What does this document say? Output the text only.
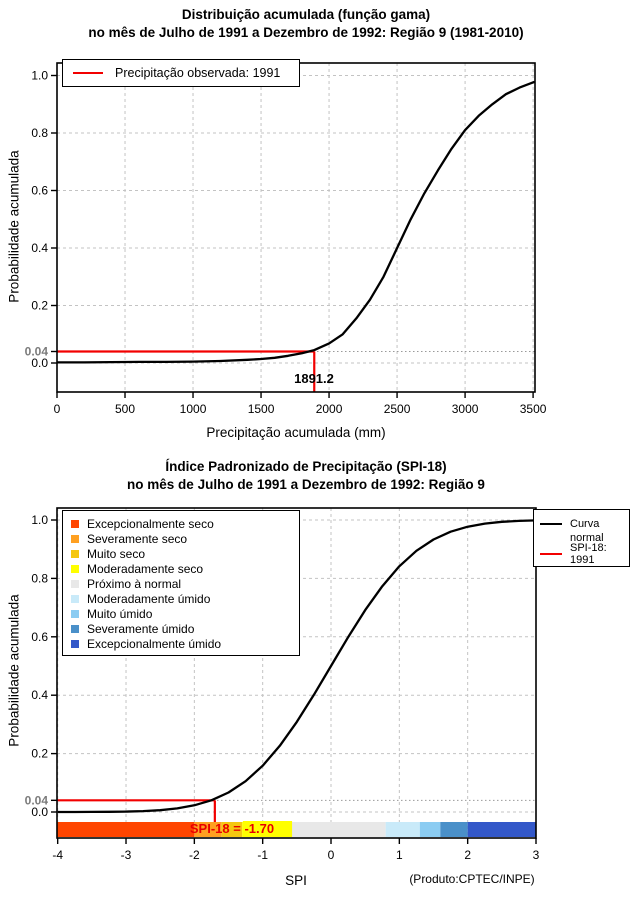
0	500	1000	1500	2000	2500	3000	3500
1.0
0.8
0.6
0.4
0.2
0.04
0.0
-4	-3	-2	-1	0	1	2	3
1.0
0.8
0.6
0.4
0.2
0.04
0.0
Distribuição acumulada (função gama)
no mês de Julho de 1991 a Dezembro de 1992: Região 9 (1981-2010)
Probabilidade acumulada
Precipitação acumulada (mm)
Precipitação observada: 1991
1891.2
Índice Padronizado de Precipitação (SPI-18)
no mês de Julho de 1991 a Dezembro de 1992: Região 9
Probabilidade acumulada
SPI	(Produto:CPTEC/INPE)
Excepcionalmente seco
Severamente seco
Muito seco
Moderadamente seco
Próximo à normal
Moderadamente úmido
Muito úmido
Severamente úmido
Excepcionalmente úmido
Curva
normal
SPI-18: 1991
SPI-18 = -1.70
